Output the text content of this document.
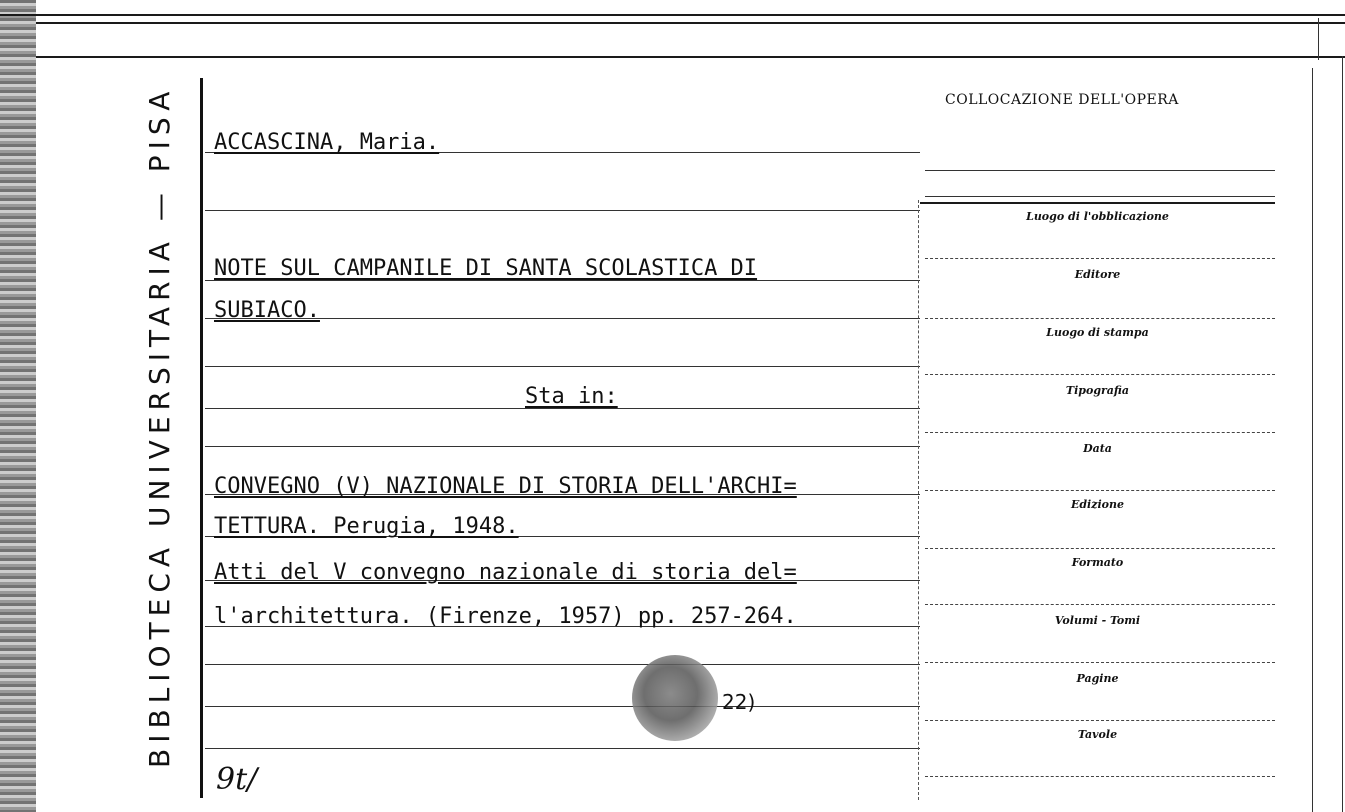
BIBLIOTECA UNIVERSITARIA — PISA	ACCASCINA, Maria.
NOTE SUL CAMPANILE DI SANTA SCOLASTICA DI
SUBIACO.
Sta in:
CONVEGNO (V) NAZIONALE DI STORIA DELL'ARCHI=
TETTURA. Perugia, 1948.
Atti del V convegno nazionale di storia del=
l'architettura. (Firenze, 1957) pp. 257-264.
22)
9t/
COLLOCAZIONE DELL'OPERA
Luogo di l'obblicazione
Editore
Luogo di stampa
Tipografia
Data
Edizione
Formato
Volumi - Tomi
Pagine
Tavole
